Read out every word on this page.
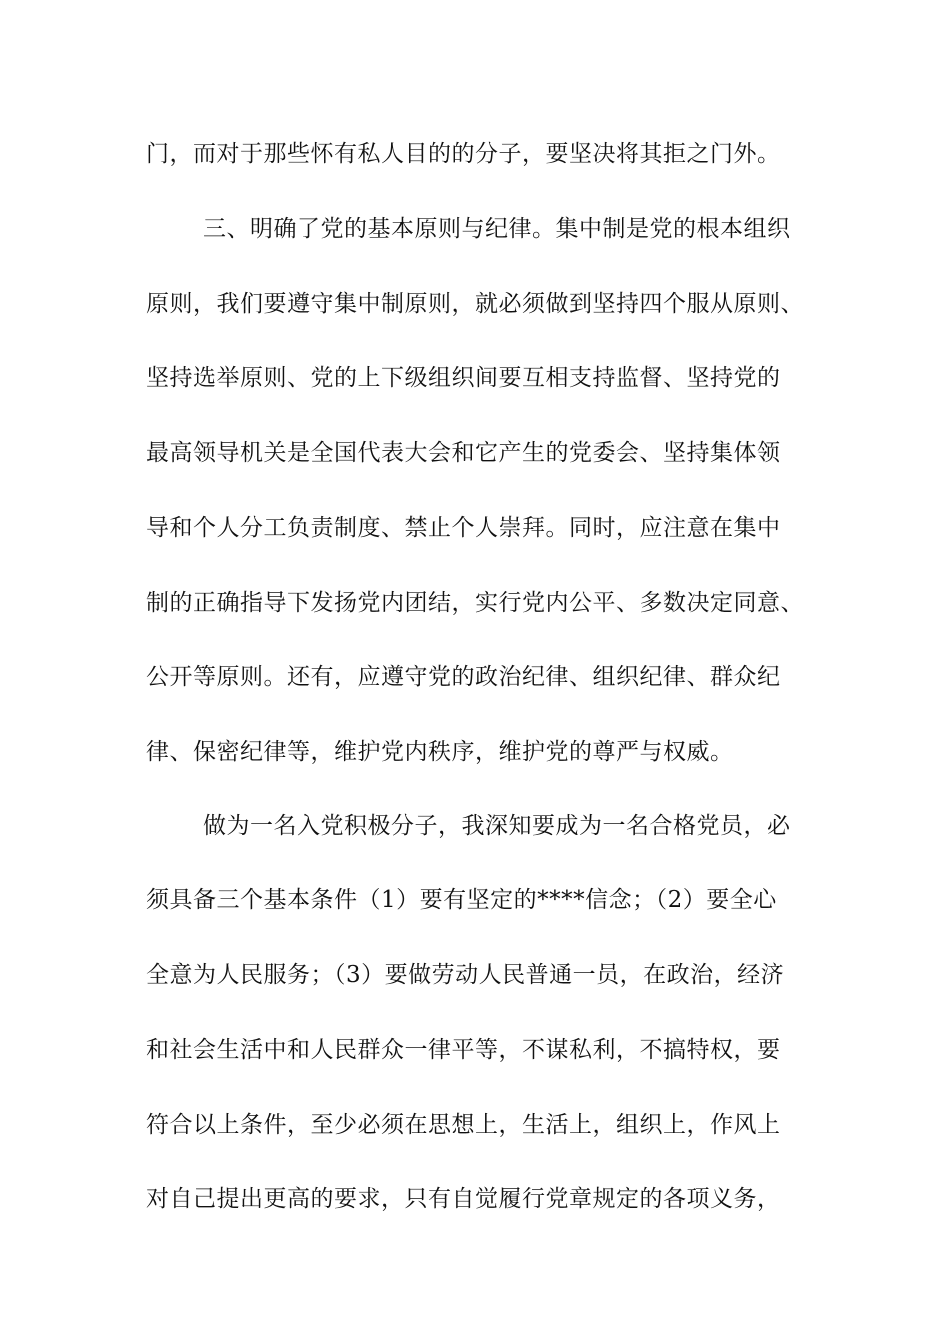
门，而对于那些怀有私人目的的分子，要坚决将其拒之门外。
三、明确了党的基本原则与纪律。集中制是党的根本组织
原则，我们要遵守集中制原则，就必须做到坚持四个服从原则、
坚持选举原则、党的上下级组织间要互相支持监督、坚持党的
最高领导机关是全国代表大会和它产生的党委会、坚持集体领
导和个人分工负责制度、禁止个人崇拜。同时，应注意在集中
制的正确指导下发扬党内团结，实行党内公平、多数决定同意、
公开等原则。还有，应遵守党的政治纪律、组织纪律、群众纪
律、保密纪律等，维护党内秩序，维护党的尊严与权威。
做为一名入党积极分子，我深知要成为一名合格党员，必
须具备三个基本条件（1）要有坚定的****信念；（2）要全心
全意为人民服务；（3）要做劳动人民普通一员，在政治，经济
和社会生活中和人民群众一律平等，不谋私利，不搞特权，要
符合以上条件，至少必须在思想上，生活上，组织上，作风上
对自己提出更高的要求，只有自觉履行党章规定的各项义务，
